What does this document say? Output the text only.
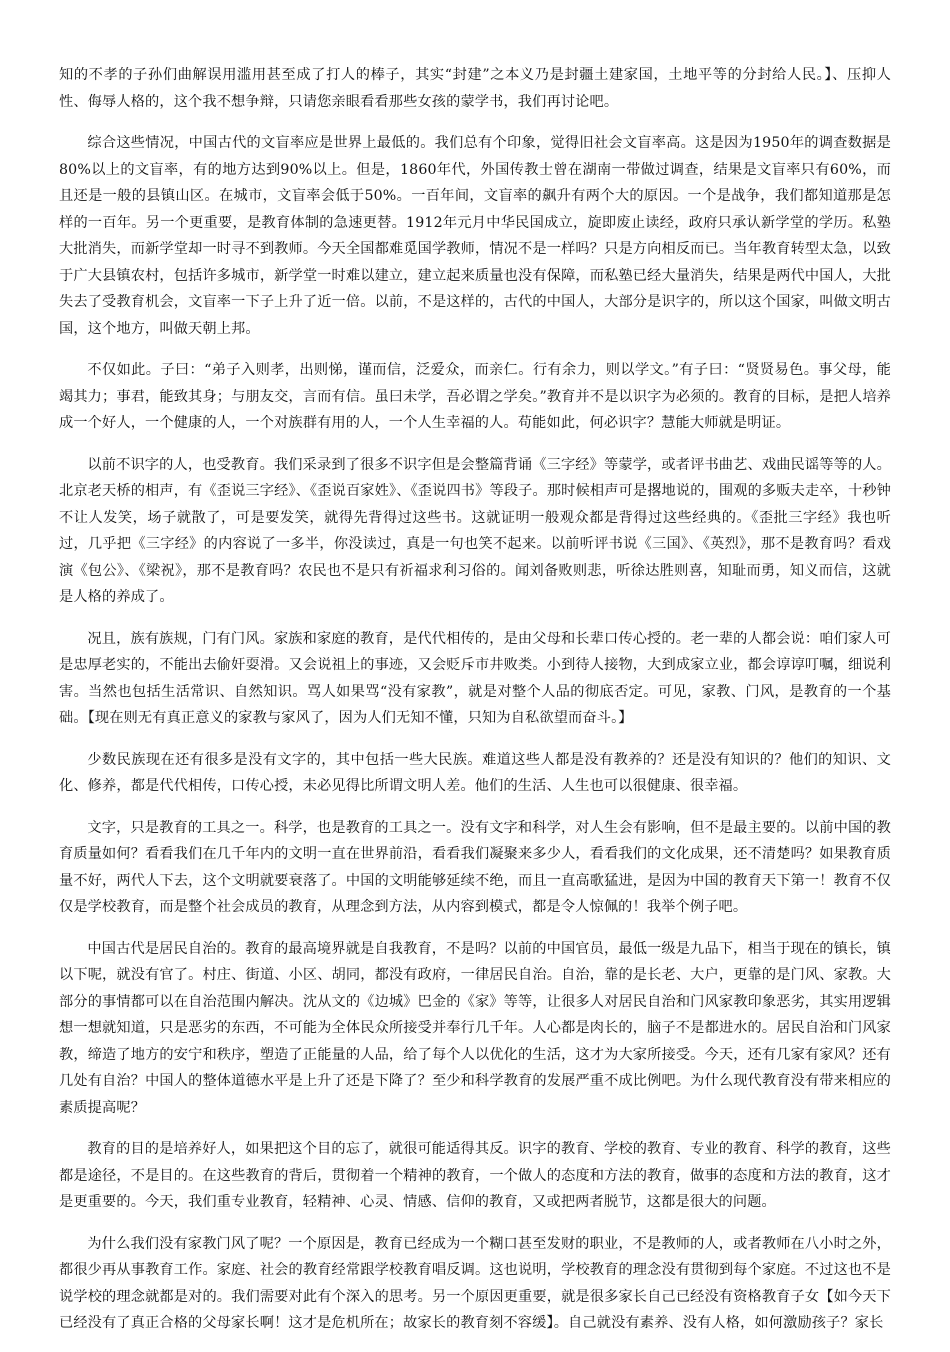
知的不孝的子孙们曲解误用滥用甚至成了打人的棒子，其实“封建”之本义乃是封疆土建家国，土地平等的分封给人民。】、压抑人性、侮辱人格的，这个我不想争辩，只请您亲眼看看那些女孩的蒙学书，我们再讨论吧。

综合这些情况，中国古代的文盲率应是世界上最低的。我们总有个印象，觉得旧社会文盲率高。这是因为1950年的调查数据是80%以上的文盲率，有的地方达到90%以上。但是，1860年代，外国传教士曾在湖南一带做过调查，结果是文盲率只有60%，而且还是一般的县镇山区。在城市，文盲率会低于50%。一百年间，文盲率的飙升有两个大的原因。一个是战争，我们都知道那是怎样的一百年。另一个更重要，是教育体制的急速更替。1912年元月中华民国成立，旋即废止读经，政府只承认新学堂的学历。私塾大批消失，而新学堂却一时寻不到教师。今天全国都难觅国学教师，情况不是一样吗？只是方向相反而已。当年教育转型太急，以致于广大县镇农村，包括许多城市，新学堂一时难以建立，建立起来质量也没有保障，而私塾已经大量消失，结果是两代中国人，大批失去了受教育机会，文盲率一下子上升了近一倍。以前，不是这样的，古代的中国人，大部分是识字的，所以这个国家，叫做文明古国，这个地方，叫做天朝上邦。

不仅如此。子曰：“弟子入则孝，出则悌，谨而信，泛爱众，而亲仁。行有余力，则以学文。”有子曰：“贤贤易色。事父母，能竭其力；事君，能致其身；与朋友交，言而有信。虽曰未学，吾必谓之学矣。”教育并不是以识字为必须的。教育的目标，是把人培养成一个好人，一个健康的人，一个对族群有用的人，一个人生幸福的人。苟能如此，何必识字？慧能大师就是明证。

以前不识字的人，也受教育。我们采录到了很多不识字但是会整篇背诵《三字经》等蒙学，或者评书曲艺、戏曲民谣等等的人。北京老天桥的相声，有《歪说三字经》、《歪说百家姓》、《歪说四书》等段子。那时候相声可是撂地说的，围观的多贩夫走卒，十秒钟不让人发笑，场子就散了，可是要发笑，就得先背得过这些书。这就证明一般观众都是背得过这些经典的。《歪批三字经》我也听过，几乎把《三字经》的内容说了一多半，你没读过，真是一句也笑不起来。以前听评书说《三国》、《英烈》，那不是教育吗？看戏演《包公》、《梁祝》，那不是教育吗？农民也不是只有祈福求利习俗的。闻刘备败则悲，听徐达胜则喜，知耻而勇，知义而信，这就是人格的养成了。

况且，族有族规，门有门风。家族和家庭的教育，是代代相传的，是由父母和长辈口传心授的。老一辈的人都会说：咱们家人可是忠厚老实的，不能出去偷奸耍滑。又会说祖上的事迹，又会贬斥市井败类。小到待人接物，大到成家立业，都会谆谆叮嘱，细说利害。当然也包括生活常识、自然知识。骂人如果骂“没有家教”，就是对整个人品的彻底否定。可见，家教、门风，是教育的一个基础。【现在则无有真正意义的家教与家风了，因为人们无知不懂，只知为自私欲望而奋斗。】

少数民族现在还有很多是没有文字的，其中包括一些大民族。难道这些人都是没有教养的？还是没有知识的？他们的知识、文化、修养，都是代代相传，口传心授，未必见得比所谓文明人差。他们的生活、人生也可以很健康、很幸福。

文字，只是教育的工具之一。科学，也是教育的工具之一。没有文字和科学，对人生会有影响，但不是最主要的。以前中国的教育质量如何？看看我们在几千年内的文明一直在世界前沿，看看我们凝聚来多少人，看看我们的文化成果，还不清楚吗？如果教育质量不好，两代人下去，这个文明就要衰落了。中国的文明能够延续不绝，而且一直高歌猛进，是因为中国的教育天下第一！教育不仅仅是学校教育，而是整个社会成员的教育，从理念到方法，从内容到模式，都是令人惊佩的！我举个例子吧。

中国古代是居民自治的。教育的最高境界就是自我教育，不是吗？以前的中国官员，最低一级是九品下，相当于现在的镇长，镇以下呢，就没有官了。村庄、街道、小区、胡同，都没有政府，一律居民自治。自治，靠的是长老、大户，更靠的是门风、家教。大部分的事情都可以在自治范围内解决。沈从文的《边城》巴金的《家》等等，让很多人对居民自治和门风家教印象恶劣，其实用逻辑想一想就知道，只是恶劣的东西，不可能为全体民众所接受并奉行几千年。人心都是肉长的，脑子不是都进水的。居民自治和门风家教，缔造了地方的安宁和秩序，塑造了正能量的人品，给了每个人以优化的生活，这才为大家所接受。今天，还有几家有家风？还有几处有自治？中国人的整体道德水平是上升了还是下降了？至少和科学教育的发展严重不成比例吧。为什么现代教育没有带来相应的素质提高呢？

教育的目的是培养好人，如果把这个目的忘了，就很可能适得其反。识字的教育、学校的教育、专业的教育、科学的教育，这些都是途径，不是目的。在这些教育的背后，贯彻着一个精神的教育，一个做人的态度和方法的教育，做事的态度和方法的教育，这才是更重要的。今天，我们重专业教育，轻精神、心灵、情感、信仰的教育，又或把两者脱节，这都是很大的问题。

为什么我们没有家教门风了呢？一个原因是，教育已经成为一个糊口甚至发财的职业，不是教师的人，或者教师在八小时之外，都很少再从事教育工作。家庭、社会的教育经常跟学校教育唱反调。这也说明，学校教育的理念没有贯彻到每个家庭。不过这也不是说学校的理念就都是对的。我们需要对此有个深入的思考。另一个原因更重要，就是很多家长自己已经没有资格教育子女【如今天下已经没有了真正合格的父母家长啊！这才是危机所在；故家长的教育刻不容缓】。自己就没有素养、没有人格，如何激励孩子？家长
